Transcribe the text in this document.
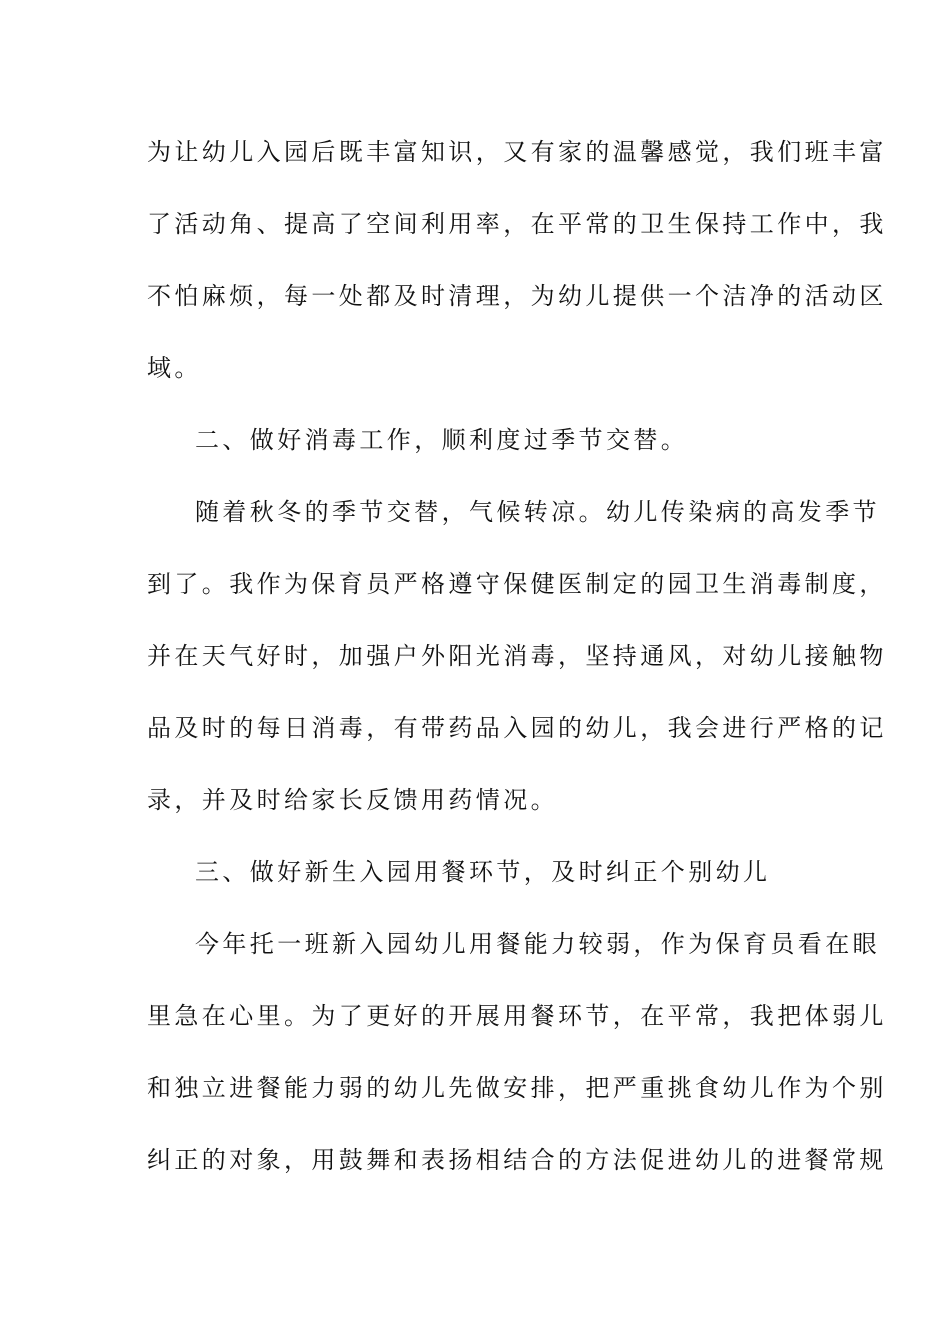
为让幼儿入园后既丰富知识，又有家的温馨感觉，我们班丰富
了活动角、提高了空间利用率，在平常的卫生保持工作中，我
不怕麻烦，每一处都及时清理，为幼儿提供一个洁净的活动区
域。
二、做好消毒工作，顺利度过季节交替。
随着秋冬的季节交替，气候转凉。幼儿传染病的高发季节
到了。我作为保育员严格遵守保健医制定的园卫生消毒制度，
并在天气好时，加强户外阳光消毒，坚持通风，对幼儿接触物
品及时的每日消毒，有带药品入园的幼儿，我会进行严格的记
录，并及时给家长反馈用药情况。
三、做好新生入园用餐环节，及时纠正个别幼儿
今年托一班新入园幼儿用餐能力较弱，作为保育员看在眼
里急在心里。为了更好的开展用餐环节，在平常，我把体弱儿
和独立进餐能力弱的幼儿先做安排，把严重挑食幼儿作为个别
纠正的对象，用鼓舞和表扬相结合的方法促进幼儿的进餐常规
